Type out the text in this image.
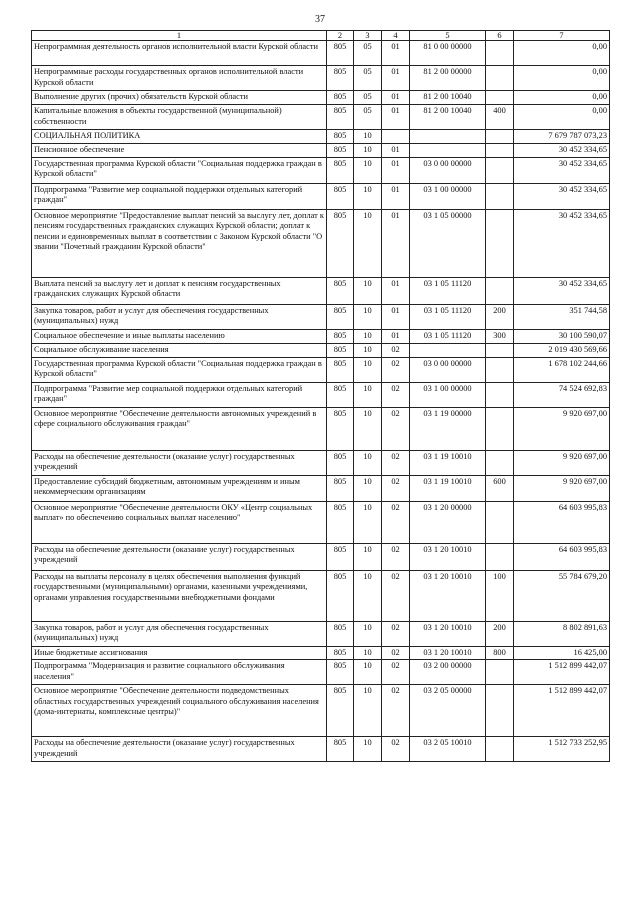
37
1	2	3	4	5	6	7
Непрограммная деятельность органов исполнительной власти Курской области	805	05	01	81 0 00 00000		0,00
Непрограммные расходы государственных органов исполнительной власти Курской области	805	05	01	81 2 00 00000		0,00
Выполнение других (прочих) обязательств Курской области	805	05	01	81 2 00 10040		0,00
Капитальные вложения в объекты государственной (муниципальной) собственности	805	05	01	81 2 00 10040	400	0,00
СОЦИАЛЬНАЯ ПОЛИТИКА	805	10				7 679 787 073,23
Пенсионное обеспечение	805	10	01			30 452 334,65
Государственная программа Курской области "Социальная поддержка граждан в Курской области"	805	10	01	03 0 00 00000		30 452 334,65
Подпрограмма "Развитие мер социальной поддержки отдельных категорий граждан"	805	10	01	03 1 00 00000		30 452 334,65
Основное мероприятие "Предоставление выплат пенсий за выслугу лет, доплат к пенсиям государственных гражданских служащих Курской области; доплат к пенсии и единовременных выплат в соответствии с Законом Курской области "О звании "Почетный гражданин Курской области"	805	10	01	03 1 05 00000		30 452 334,65
Выплата пенсий за выслугу лет и доплат к пенсиям государственных гражданских служащих Курской области	805	10	01	03 1 05 11120		30 452 334,65
Закупка товаров, работ и услуг для обеспечения государственных (муниципальных) нужд	805	10	01	03 1 05 11120	200	351 744,58
Социальное обеспечение и иные выплаты населению	805	10	01	03 1 05 11120	300	30 100 590,07
Социальное обслуживание населения	805	10	02			2 019 430 569,66
Государственная программа Курской области "Социальная поддержка граждан в Курской области"	805	10	02	03 0 00 00000		1 678 102 244,66
Подпрограмма "Развитие мер социальной поддержки отдельных категорий граждан"	805	10	02	03 1 00 00000		74 524 692,83
Основное мероприятие "Обеспечение деятельности автономных учреждений в сфере социального обслуживания граждан"	805	10	02	03 1 19 00000		9 920 697,00
Расходы на обеспечение деятельности (оказание услуг) государственных учреждений	805	10	02	03 1 19 10010		9 920 697,00
Предоставление субсидий бюджетным, автономным учреждениям и иным некоммерческим организациям	805	10	02	03 1 19 10010	600	9 920 697,00
Основное мероприятие "Обеспечение деятельности ОКУ «Центр социальных выплат» по обеспечению социальных выплат населению"	805	10	02	03 1 20 00000		64 603 995,83
Расходы на обеспечение деятельности (оказание услуг) государственных учреждений	805	10	02	03 1 20 10010		64 603 995,83
Расходы на выплаты персоналу в целях обеспечения выполнения функций государственными (муниципальными) органами, казенными учреждениями, органами управления государственными внебюджетными фондами	805	10	02	03 1 20 10010	100	55 784 679,20
Закупка товаров, работ и услуг для обеспечения государственных (муниципальных) нужд	805	10	02	03 1 20 10010	200	8 802 891,63
Иные бюджетные ассигнования	805	10	02	03 1 20 10010	800	16 425,00
Подпрограмма "Модернизация и развитие социального обслуживания населения"	805	10	02	03 2 00 00000		1 512 899 442,07
Основное мероприятие "Обеспечение деятельности подведомственных областных государственных учреждений социального обслуживания населения (дома-интернаты, комплексные центры)"	805	10	02	03 2 05 00000		1 512 899 442,07
Расходы на обеспечение деятельности (оказание услуг) государственных учреждений	805	10	02	03 2 05 10010		1 512 733 252,95
